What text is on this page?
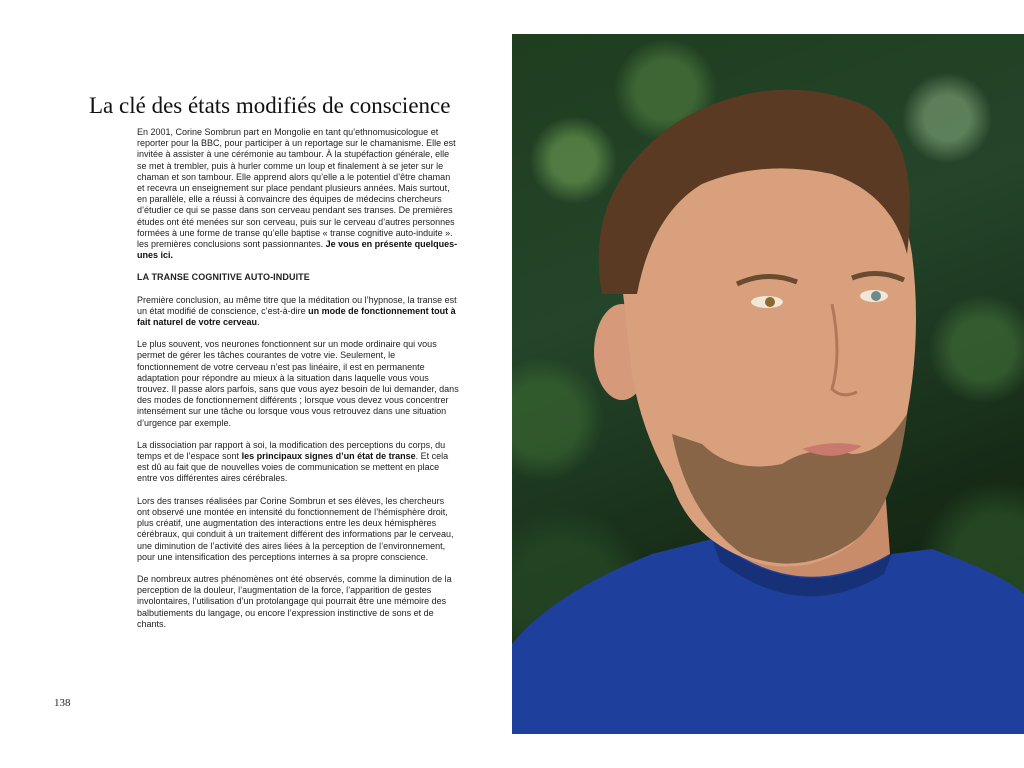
La clé des états modifiés de conscience

En 2001, Corine Sombrun part en Mongolie en tant qu’ethnomusicologue et reporter pour la BBC, pour participer à un reportage sur le chamanisme. Elle est invitée à assister à une cérémonie au tambour. À la stupéfaction générale, elle se met à trembler, puis à hurler comme un loup et finalement à se jeter sur le chaman et son tambour. Elle apprend alors qu’elle a le potentiel d’être chaman et recevra un enseignement sur place pendant plusieurs années. Mais surtout, en parallèle, elle a réussi à convaincre des équipes de médecins chercheurs d’étudier ce qui se passe dans son cerveau pendant ses transes. De premières études ont été menées sur son cerveau, puis sur le cerveau d’autres personnes formées à une forme de transe qu’elle baptise « transe cognitive auto-induite ». les premières conclusions sont passionnantes. Je vous en présente quelques-unes ici.

LA TRANSE COGNITIVE AUTO-INDUITE

Première conclusion, au même titre que la méditation ou l’hypnose, la transe est un état modifié de conscience, c’est-à-dire un mode de fonctionnement tout à fait naturel de votre cerveau.

Le plus souvent, vos neurones fonctionnent sur un mode ordinaire qui vous permet de gérer les tâches courantes de votre vie. Seulement, le fonctionnement de votre cerveau n’est pas linéaire, il est en permanente adaptation pour répondre au mieux à la situation dans laquelle vous vous trouvez. Il passe alors parfois, sans que vous ayez besoin de lui demander, dans des modes de fonctionnement différents ; lorsque vous devez vous concentrer intensément sur une tâche ou lorsque vous vous retrouvez dans une situation d’urgence par exemple.

La dissociation par rapport à soi, la modification des perceptions du corps, du temps et de l’espace sont les principaux signes d’un état de transe. Et cela est dû au fait que de nouvelles voies de communication se mettent en place entre vos différentes aires cérébrales.

Lors des transes réalisées par Corine Sombrun et ses élèves, les chercheurs ont observé une montée en intensité du fonctionnement de l’hémisphère droit, plus créatif, une augmentation des interactions entre les deux hémisphères cérébraux, qui conduit à un traitement différent des informations par le cerveau, une diminution de l’activité des aires liées à la perception de l’environnement, pour une intensification des perceptions internes à sa propre conscience.

De nombreux autres phénomènes ont été observés, comme la diminution de la perception de la douleur, l’augmentation de la force, l’apparition de gestes involontaires, l’utilisation d’un protolangage qui pourrait être une mémoire des balbutiements du langage, ou encore l’expression instinctive de sons et de chants.

138
